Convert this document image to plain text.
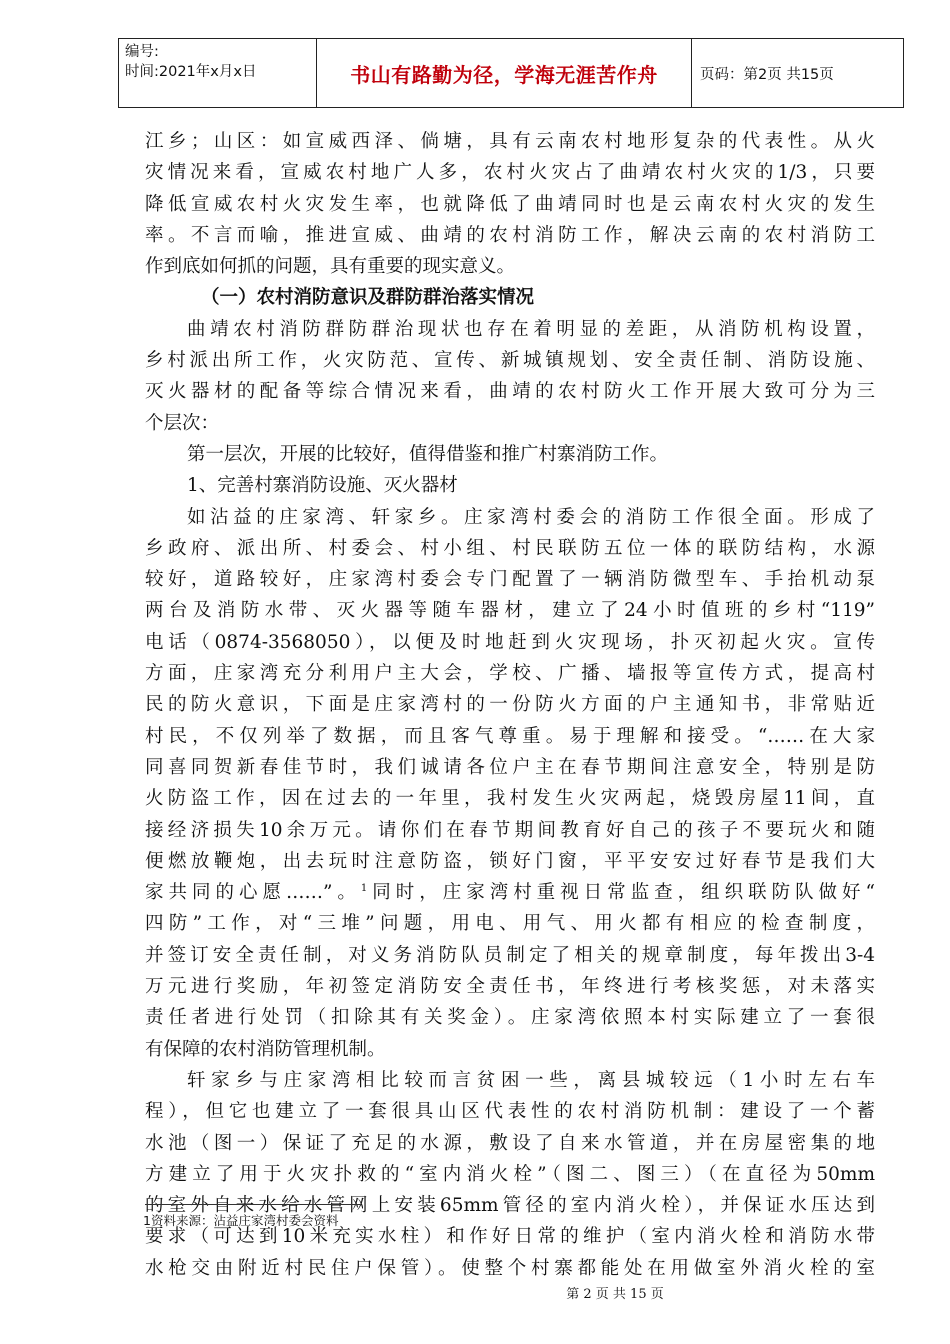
编号:
时间:2021年x月x日	书山有路勤为径，学海无涯苦作舟	页码：第2页 共15页
江乡；山区：如宣威西泽、倘塘，具有云南农村地形复杂的代表性。从火
灾情况来看，宣威农村地广人多，农村火灾占了曲靖农村火灾的1/3，只要
降低宣威农村火灾发生率，也就降低了曲靖同时也是云南农村火灾的发生
率。不言而喻，推进宣威、曲靖的农村消防工作，解决云南的农村消防工
作到底如何抓的问题，具有重要的现实意义。
（一）农村消防意识及群防群治落实情况
曲靖农村消防群防群治现状也存在着明显的差距，从消防机构设置，
乡村派出所工作，火灾防范、宣传、新城镇规划、安全责任制、消防设施、
灭火器材的配备等综合情况来看，曲靖的农村防火工作开展大致可分为三
个层次：
第一层次，开展的比较好，值得借鉴和推广村寨消防工作。
1、完善村寨消防设施、灭火器材
如沾益的庄家湾、轩家乡。庄家湾村委会的消防工作很全面。形成了
乡政府、派出所、村委会、村小组、村民联防五位一体的联防结构，水源
较好，道路较好，庄家湾村委会专门配置了一辆消防微型车、手抬机动泵
两台及消防水带、灭火器等随车器材，建立了24小时值班的乡村“119”
电话（0874-3568050），以便及时地赶到火灾现场，扑灭初起火灾。宣传
方面，庄家湾充分利用户主大会，学校、广播、墙报等宣传方式，提高村
民的防火意识，下面是庄家湾村的一份防火方面的户主通知书，非常贴近
村民，不仅列举了数据，而且客气尊重。易于理解和接受。“……在大家
同喜同贺新春佳节时，我们诚请各位户主在春节期间注意安全，特别是防
火防盗工作，因在过去的一年里，我村发生火灾两起，烧毁房屋11间，直
接经济损失10余万元。请你们在春节期间教育好自己的孩子不要玩火和随
便燃放鞭炮，出去玩时注意防盗，锁好门窗，平平安安过好春节是我们大
家共同的心愿……”。$^1$同时，庄家湾村重视日常监查，组织联防队做好“
四防”工作，对“三堆”问题，用电、用气、用火都有相应的检查制度，
并签订安全责任制，对义务消防队员制定了相关的规章制度，每年拨出3-4
万元进行奖励，年初签定消防安全责任书，年终进行考核奖惩，对未落实
责任者进行处罚（扣除其有关奖金）。庄家湾依照本村实际建立了一套很
有保障的农村消防管理机制。
轩家乡与庄家湾相比较而言贫困一些，离县城较远（1小时左右车
程），但它也建立了一套很具山区代表性的农村消防机制：建设了一个蓄
水池（图一）保证了充足的水源，敷设了自来水管道，并在房屋密集的地
方建立了用于火灾扑救的“室内消火栓”（图二、图三）（在直径为50mm
的室外自来水给水管网上安装65mm管径的室内消火栓），并保证水压达到
要求（可达到10米充实水柱）和作好日常的维护（室内消火栓和消防水带
水枪交由附近村民住户保管）。使整个村寨都能处在用做室外消火栓的室
1资料来源：沾益庄家湾村委会资料
第 2 页 共 15 页
